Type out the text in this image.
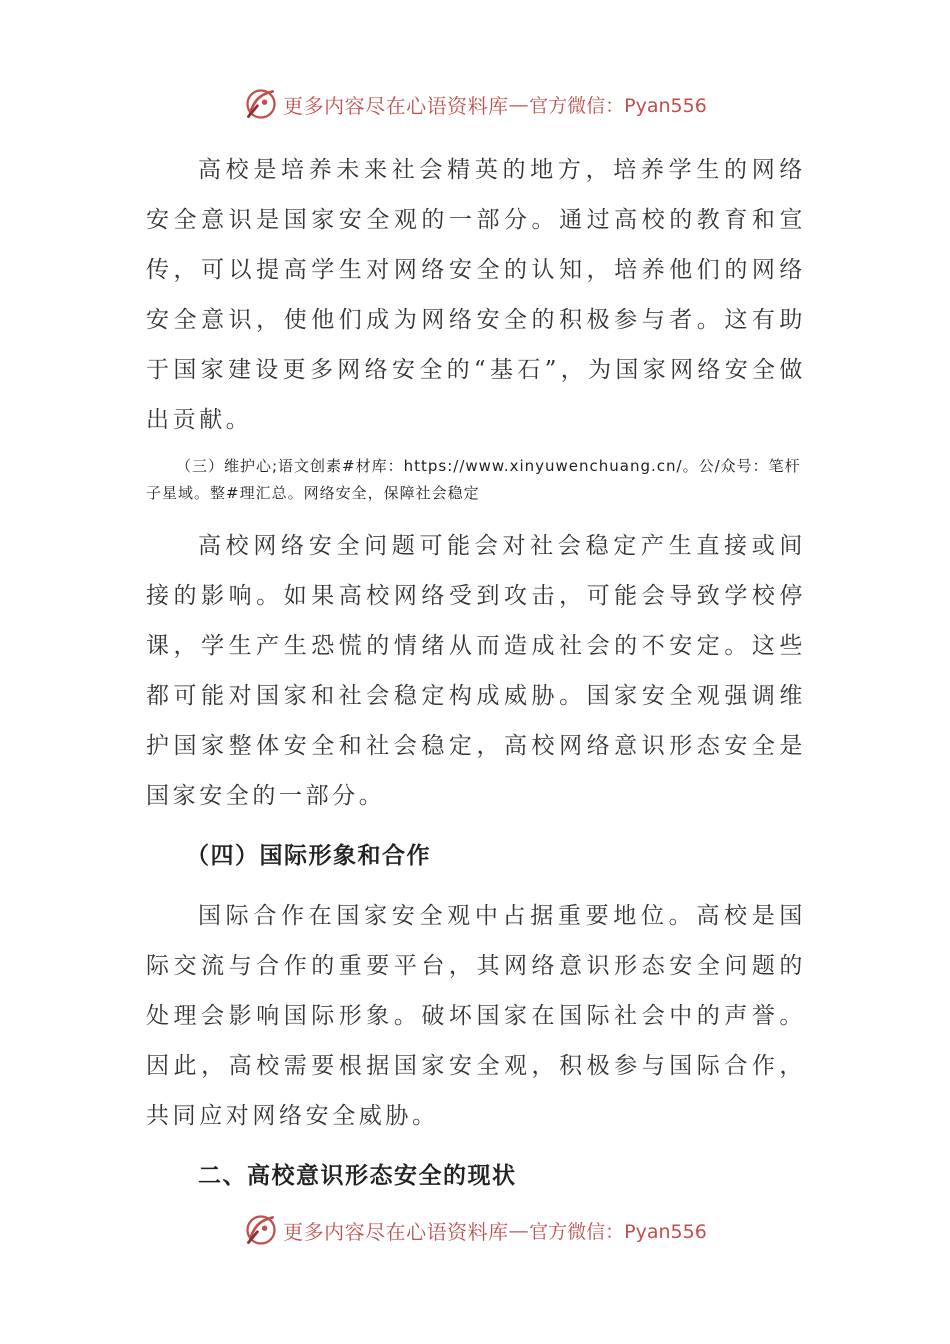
更多内容尽在心语资料库 — 官方微信：Pyan556

高校是培养未来社会精英的地方，培养学生的网络安全意识是国家安全观的一部分。通过高校的教育和宣传，可以提高学生对网络安全的认知，培养他们的网络安全意识，使他们成为网络安全的积极参与者。这有助于国家建设更多网络安全的“基石”，为国家网络安全做出贡献。

（三）维护心;语文创素#材库：https://www.xinyuwenchuang.cn/。公/众号：笔杆子星域。整#理汇总。网络安全，保障社会稳定

高校网络安全问题可能会对社会稳定产生直接或间接的影响。如果高校网络受到攻击，可能会导致学校停课，学生产生恐慌的情绪从而造成社会的不安定。这些都可能对国家和社会稳定构成威胁。国家安全观强调维护国家整体安全和社会稳定，高校网络意识形态安全是国家安全的一部分。

（四）国际形象和合作

国际合作在国家安全观中占据重要地位。高校是国际交流与合作的重要平台，其网络意识形态安全问题的处理会影响国际形象。破坏国家在国际社会中的声誉。因此，高校需要根据国家安全观，积极参与国际合作，共同应对网络安全威胁。

二、高校意识形态安全的现状
更多内容尽在心语资料库 — 官方微信：Pyan556
